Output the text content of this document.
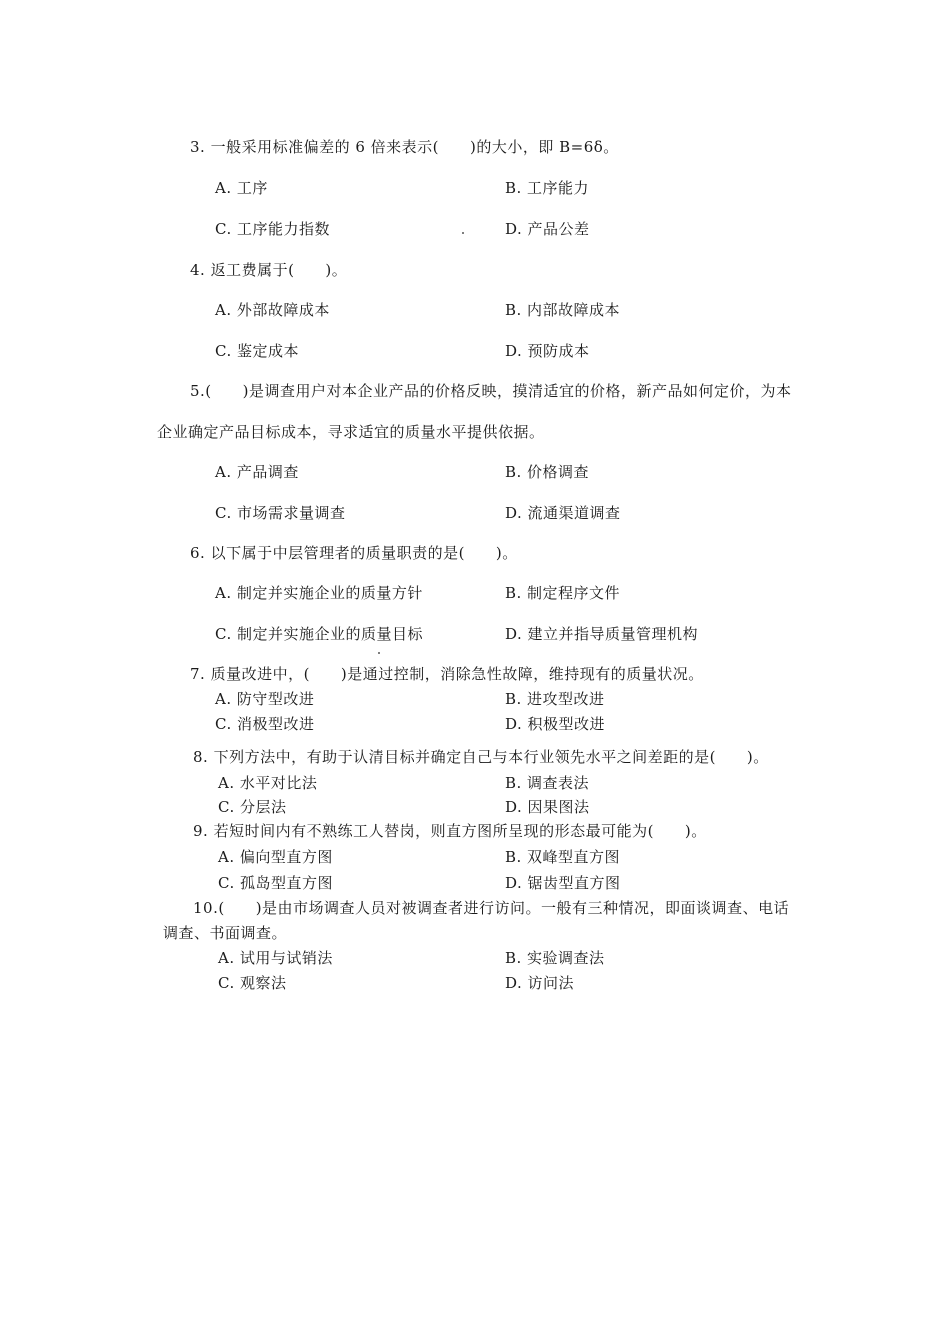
3. 一般采用标准偏差的 6 倍来表示(　　)的大小，即 B=6δ。
A. 工序	B. 工序能力
C. 工序能力指数	D. 产品公差
4. 返工费属于(　　)。
A. 外部故障成本	B. 内部故障成本
C. 鉴定成本	D. 预防成本
5.(　　)是调查用户对本企业产品的价格反映，摸清适宜的价格，新产品如何定价，为本
企业确定产品目标成本，寻求适宜的质量水平提供依据。
A. 产品调查	B. 价格调查
C. 市场需求量调查	D. 流通渠道调查
6. 以下属于中层管理者的质量职责的是(　　)。
A. 制定并实施企业的质量方针	B. 制定程序文件
C. 制定并实施企业的质量目标	D. 建立并指导质量管理机构
7. 质量改进中，(　　)是通过控制，消除急性故障，维持现有的质量状况。
A. 防守型改进	B. 进攻型改进
C. 消极型改进	D. 积极型改进
8. 下列方法中，有助于认清目标并确定自己与本行业领先水平之间差距的是(　　)。
A. 水平对比法	B. 调查表法
C. 分层法	D. 因果图法
9. 若短时间内有不熟练工人替岗，则直方图所呈现的形态最可能为(　　)。
A. 偏向型直方图	B. 双峰型直方图
C. 孤岛型直方图	D. 锯齿型直方图
10.(　　)是由市场调查人员对被调查者进行访问。一般有三种情况，即面谈调查、电话
调查、书面调查。
A. 试用与试销法	B. 实验调查法
C. 观察法	D. 访问法
